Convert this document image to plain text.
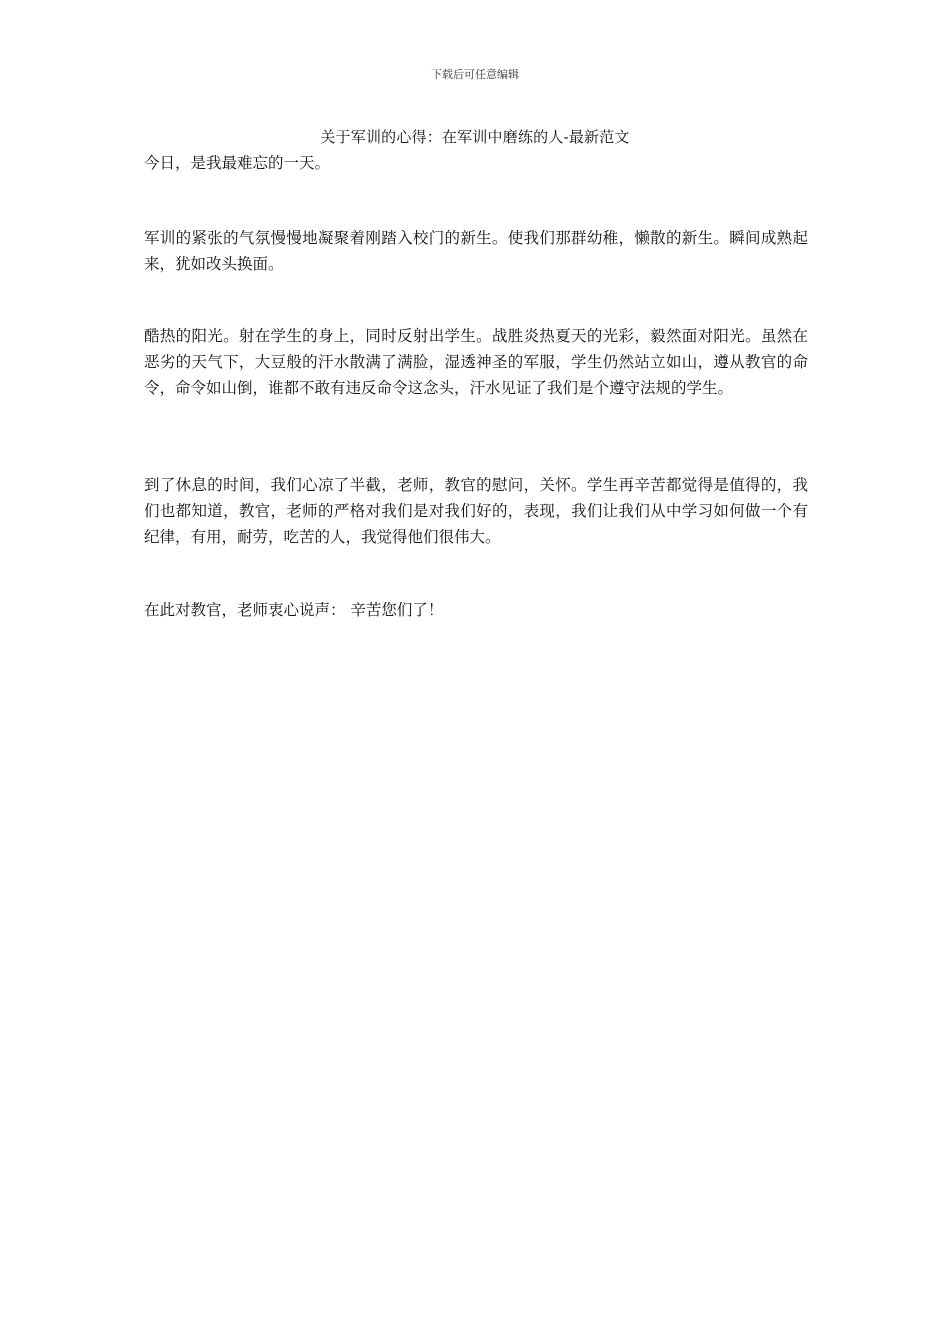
下载后可任意编辑
关于军训的心得：在军训中磨练的人-最新范文

今日，是我最难忘的一天。

军训的紧张的气氛慢慢地凝聚着刚踏入校门的新生。使我们那群幼稚，懒散的新生。瞬间成熟起来，犹如改头换面。

酷热的阳光。射在学生的身上，同时反射出学生。战胜炎热夏天的光彩，毅然面对阳光。虽然在恶劣的天气下，大豆般的汗水散满了满脸，湿透神圣的军服，学生仍然站立如山，遵从教官的命令，命令如山倒，谁都不敢有违反命令这念头，汗水见证了我们是个遵守法规的学生。

到了休息的时间，我们心凉了半截，老师，教官的慰问，关怀。学生再辛苦都觉得是值得的，我们也都知道，教官，老师的严格对我们是对我们好的，表现，我们让我们从中学习如何做一个有纪律，有用，耐劳，吃苦的人，我觉得他们很伟大。

在此对教官，老师衷心说声： 辛苦您们了！
